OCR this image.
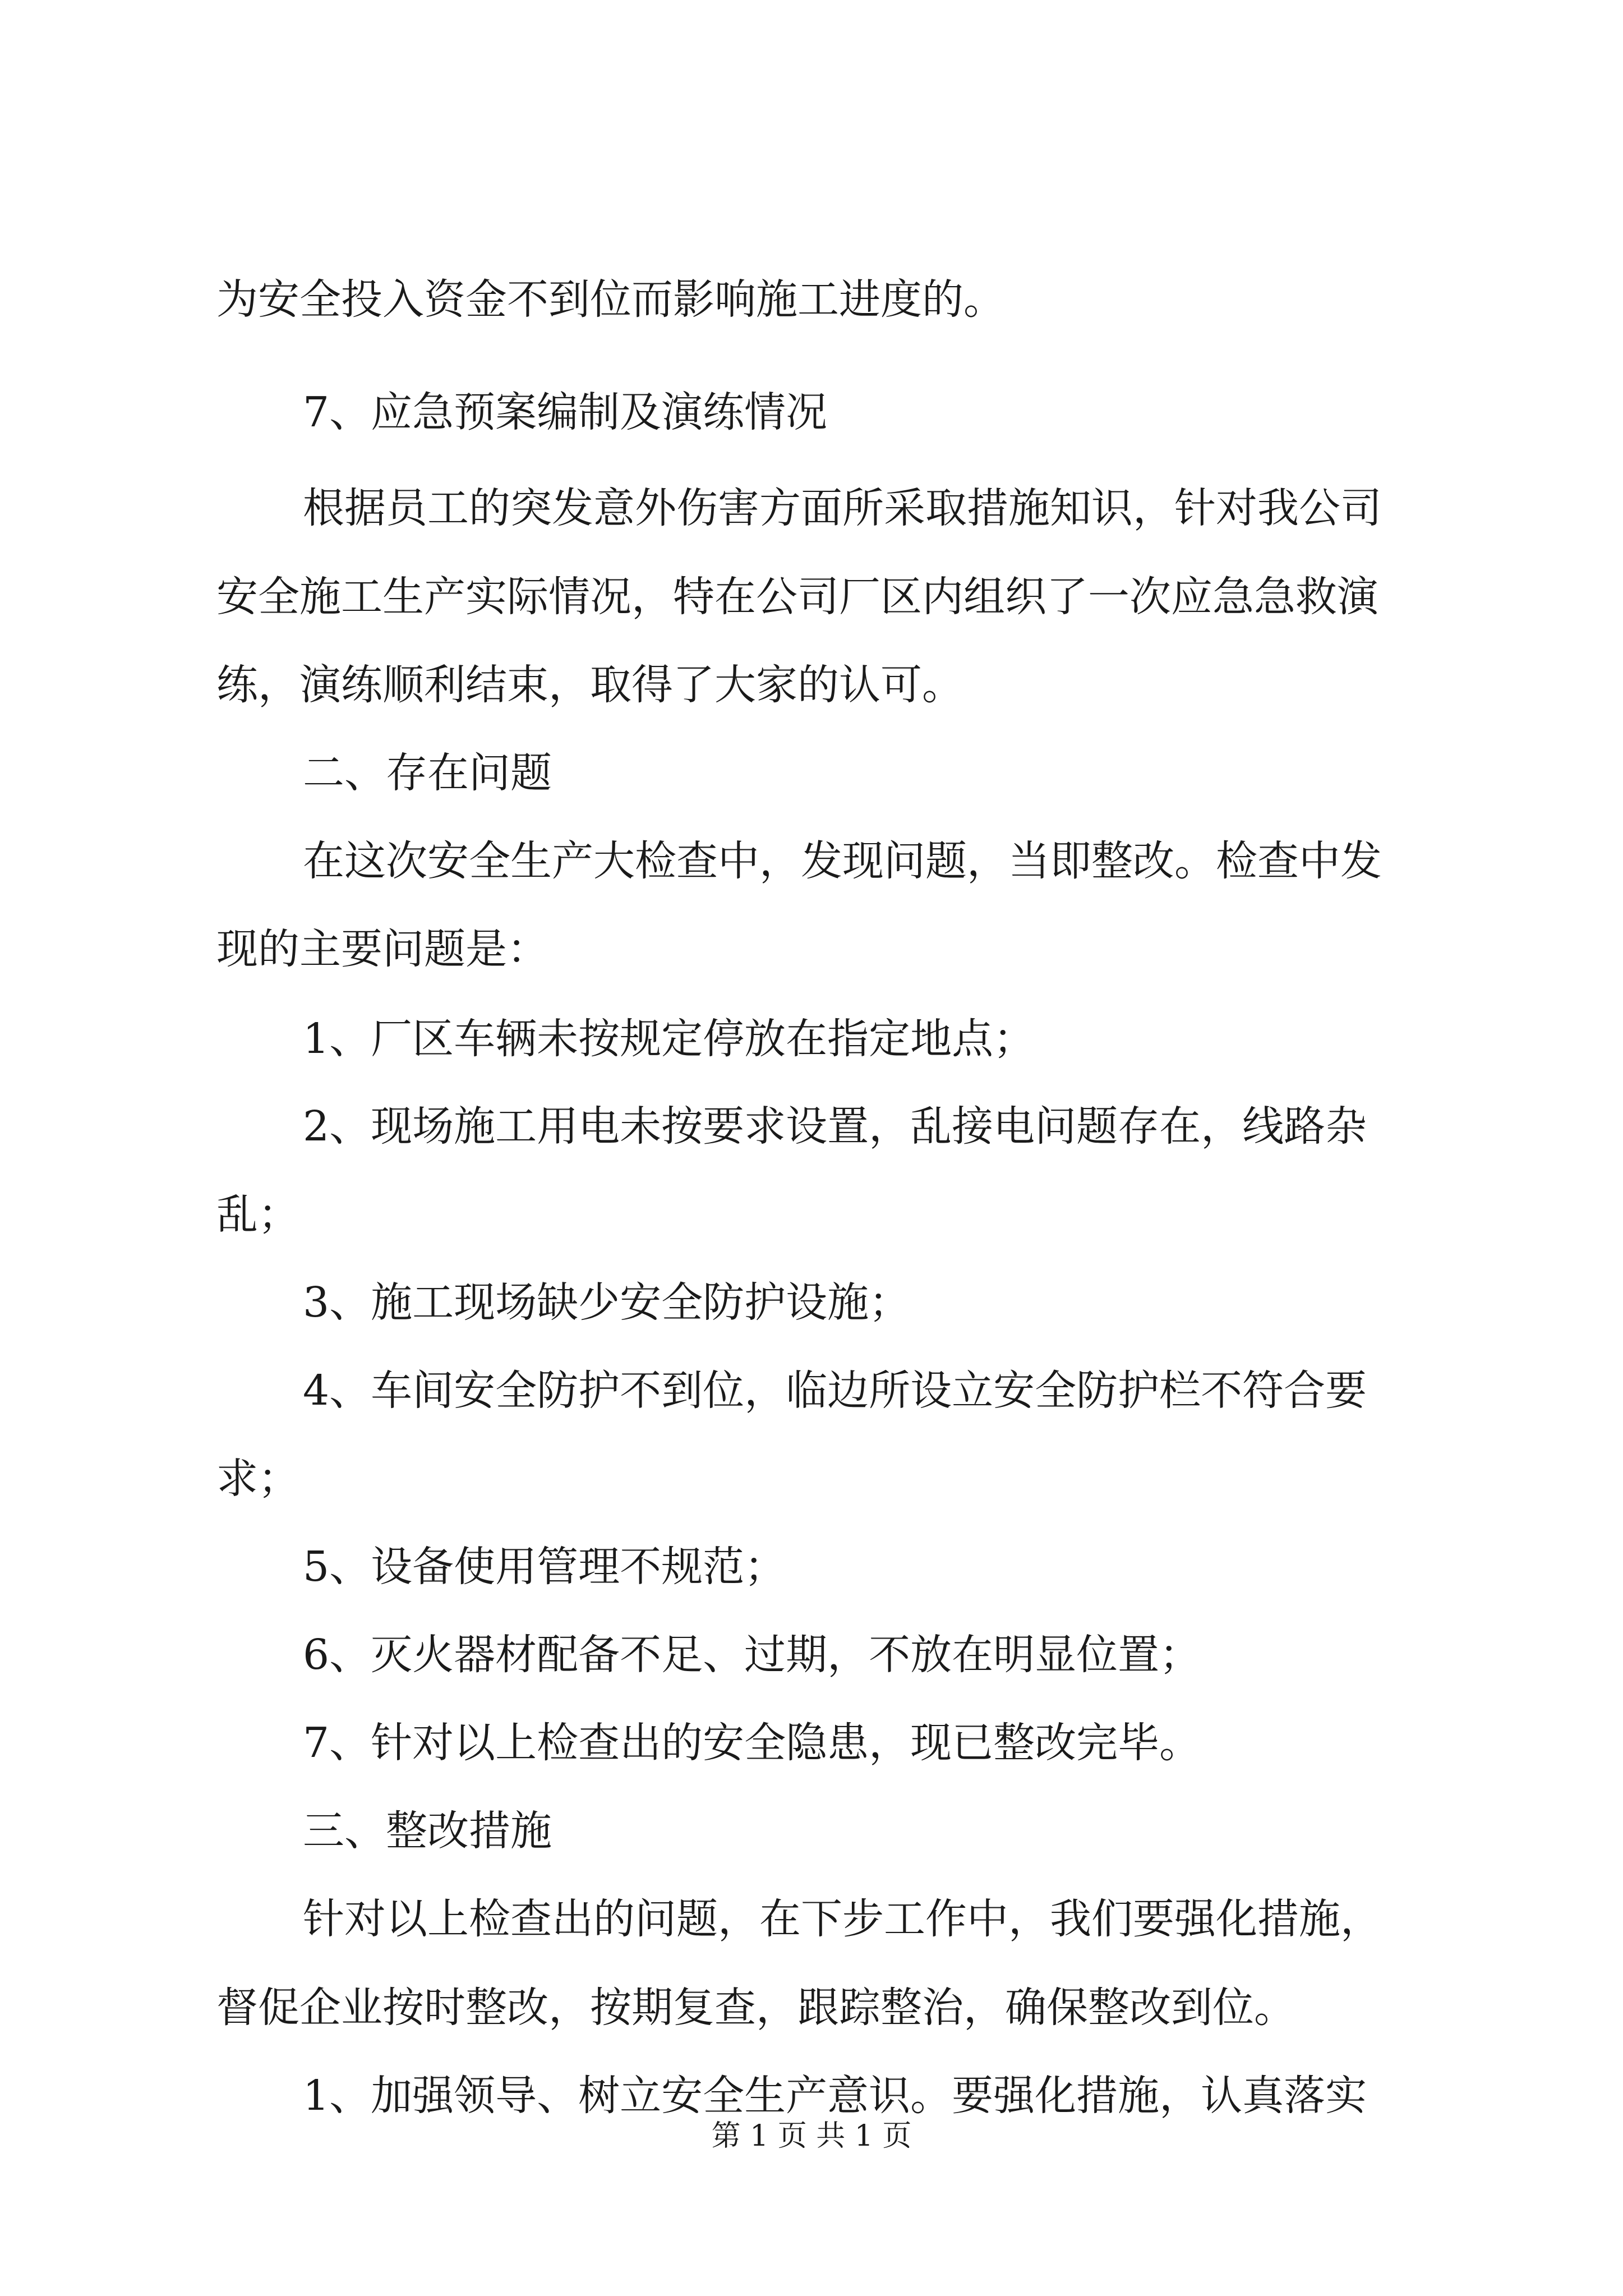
为安全投入资金不到位而影响施工进度的。
7、应急预案编制及演练情况
根据员工的突发意外伤害方面所采取措施知识，针对我公司
安全施工生产实际情况，特在公司厂区内组织了一次应急急救演
练，演练顺利结束，取得了大家的认可。
二、存在问题
在这次安全生产大检查中，发现问题，当即整改。检查中发
现的主要问题是：
1、厂区车辆未按规定停放在指定地点；
2、现场施工用电未按要求设置，乱接电问题存在，线路杂
乱；
3、施工现场缺少安全防护设施；
4、车间安全防护不到位，临边所设立安全防护栏不符合要
求；
5、设备使用管理不规范；
6、灭火器材配备不足、过期，不放在明显位置；
7、针对以上检查出的安全隐患，现已整改完毕。
三、整改措施
针对以上检查出的问题，在下步工作中，我们要强化措施，
督促企业按时整改，按期复查，跟踪整治，确保整改到位。
1、加强领导、树立安全生产意识。要强化措施，认真落实
第 1 页 共 1 页
